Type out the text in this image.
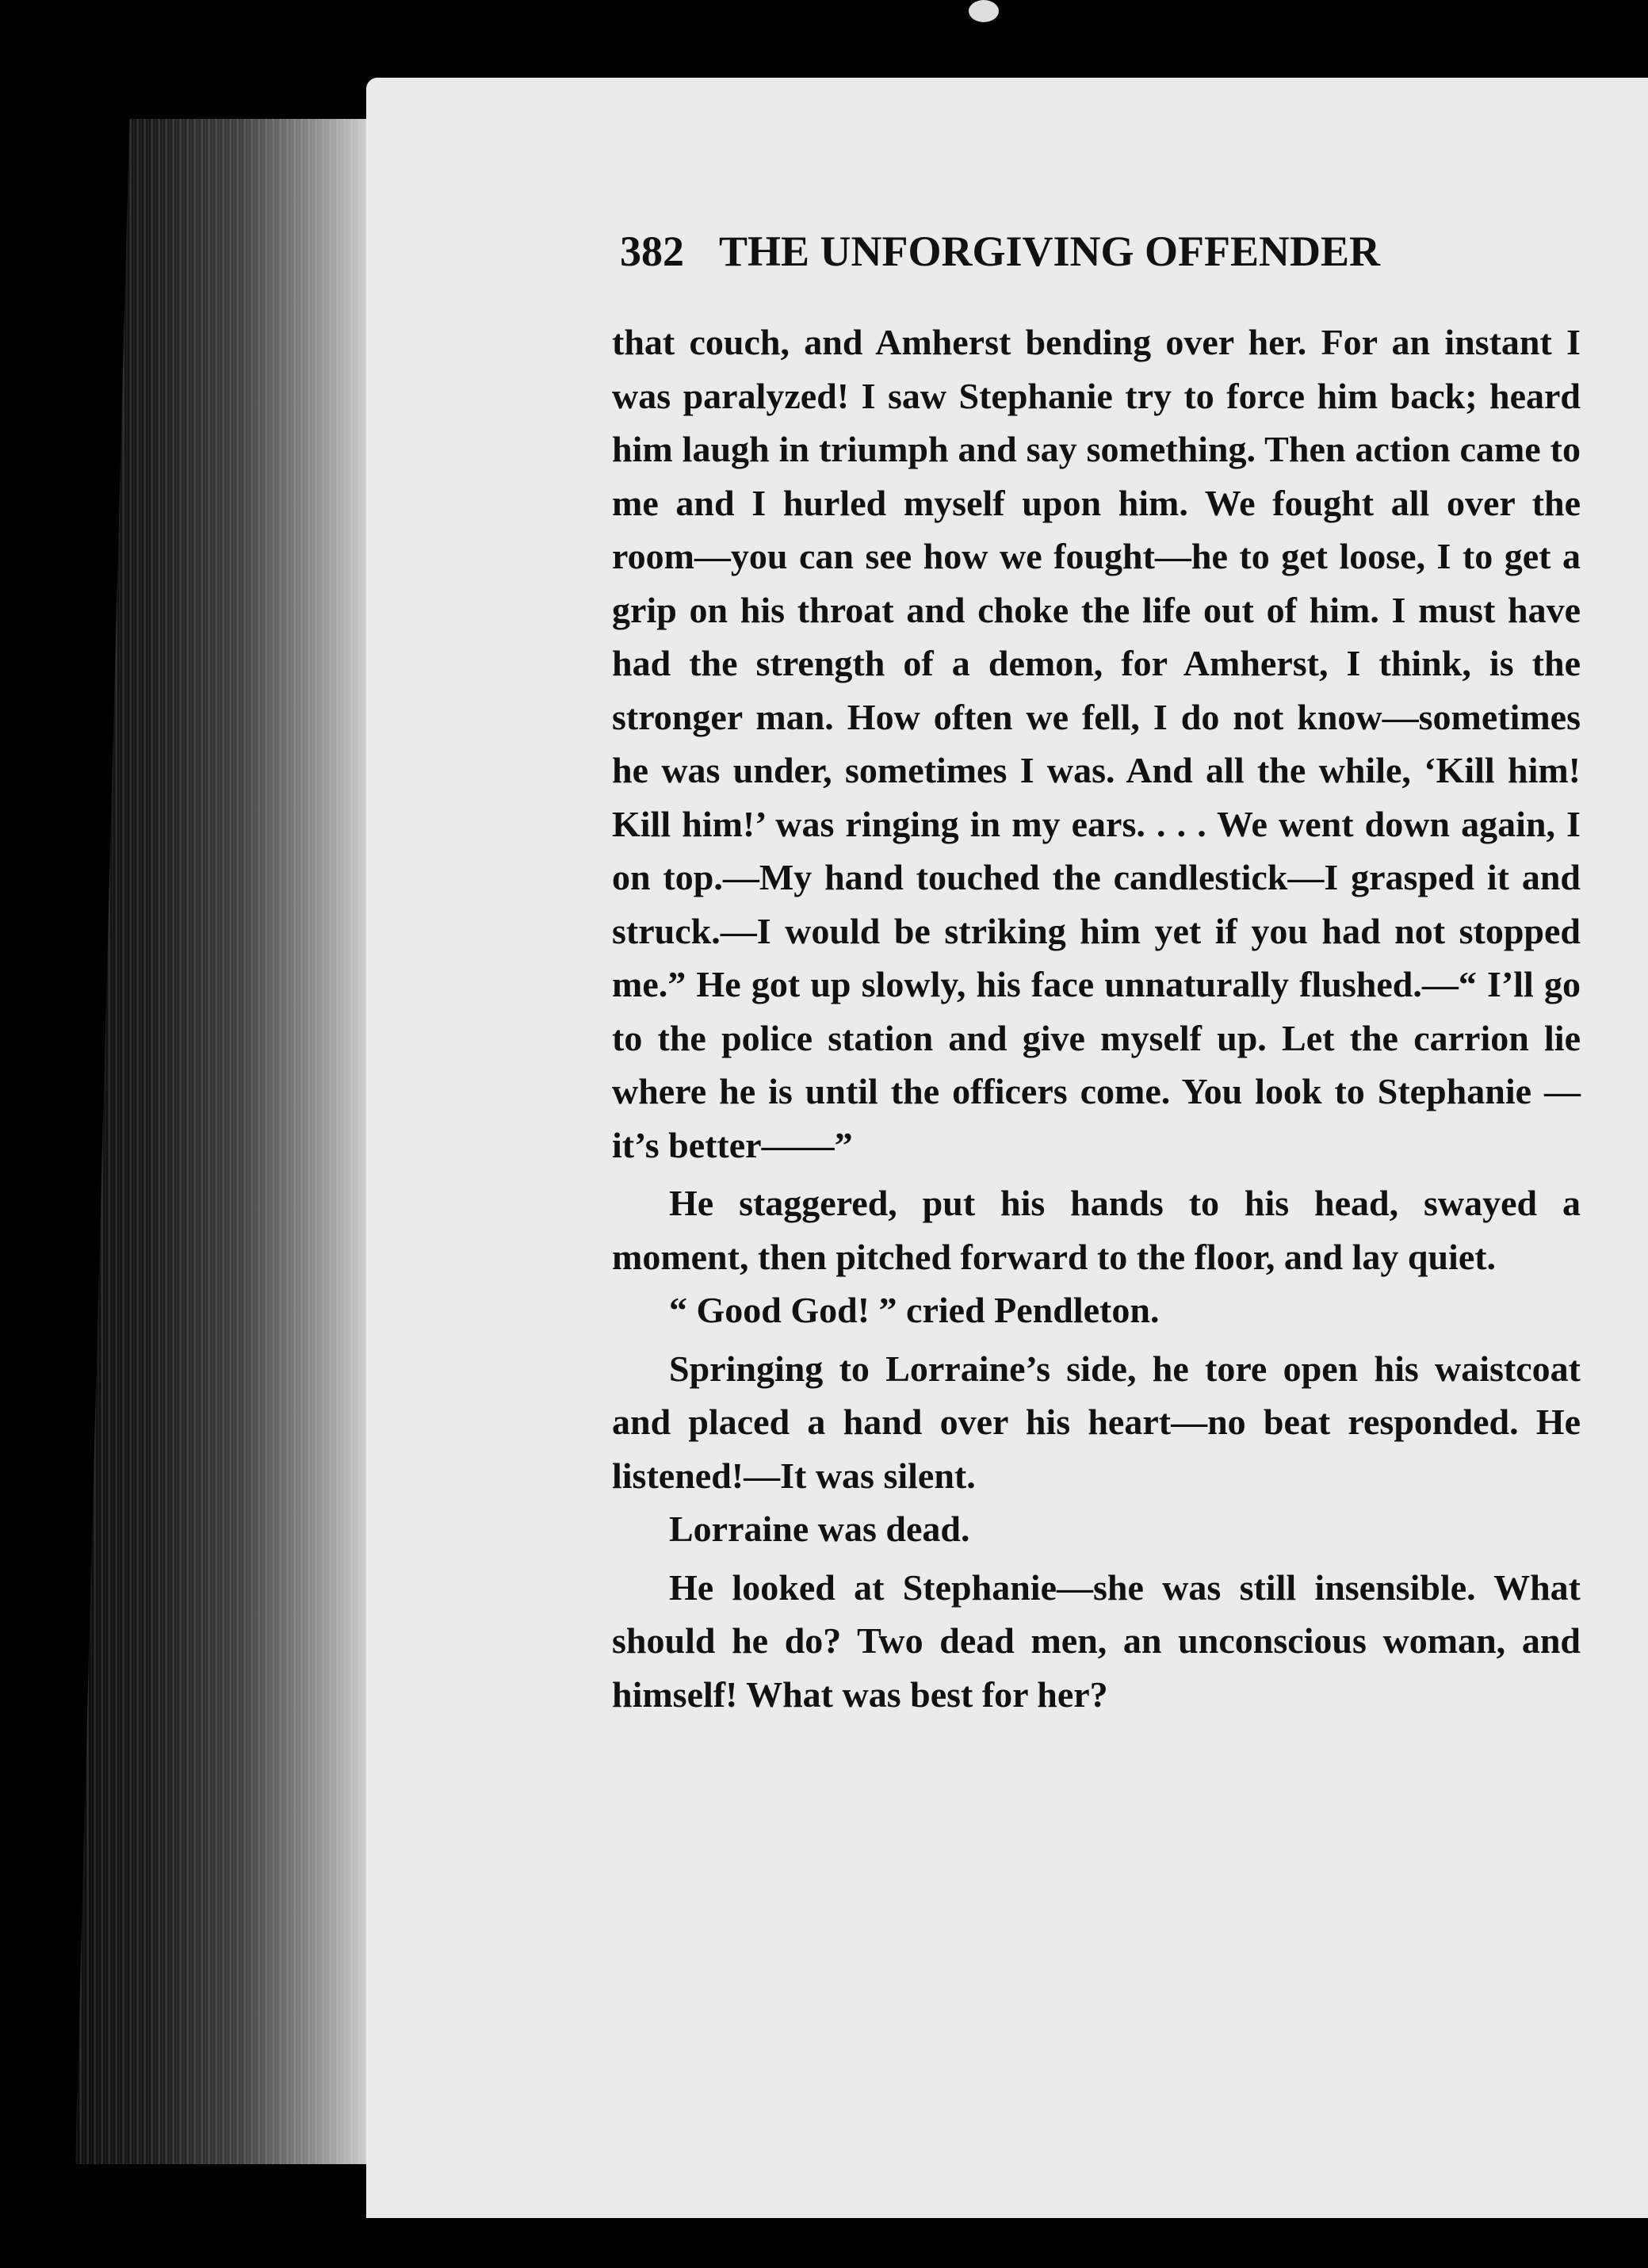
382 THE UNFORGIVING OFFENDER

that couch, and Amherst bending over her. For an instant I was paralyzed! I saw Stephanie try to force him back; heard him laugh in triumph and say something. Then action came to me and I hurled myself upon him. We fought all over the room—you can see how we fought—he to get loose, I to get a grip on his throat and choke the life out of him. I must have had the strength of a demon, for Amherst, I think, is the stronger man. How often we fell, I do not know—sometimes he was under, sometimes I was. And all the while, ‘Kill him! Kill him!’ was ringing in my ears. . . . We went down again, I on top.—My hand touched the candlestick—I grasped it and struck.—I would be striking him yet if you had not stopped me.” He got up slowly, his face unnaturally flushed.—“ I’ll go to the police station and give myself up. Let the carrion lie where he is until the officers come. You look to Stephanie —it’s better——”

He staggered, put his hands to his head, swayed a moment, then pitched forward to the floor, and lay quiet.

“ Good God! ” cried Pendleton.

Springing to Lorraine’s side, he tore open his waistcoat and placed a hand over his heart—no beat responded. He listened!—It was silent.

Lorraine was dead.

He looked at Stephanie—she was still insensible. What should he do? Two dead men, an unconscious woman, and himself! What was best for her?
